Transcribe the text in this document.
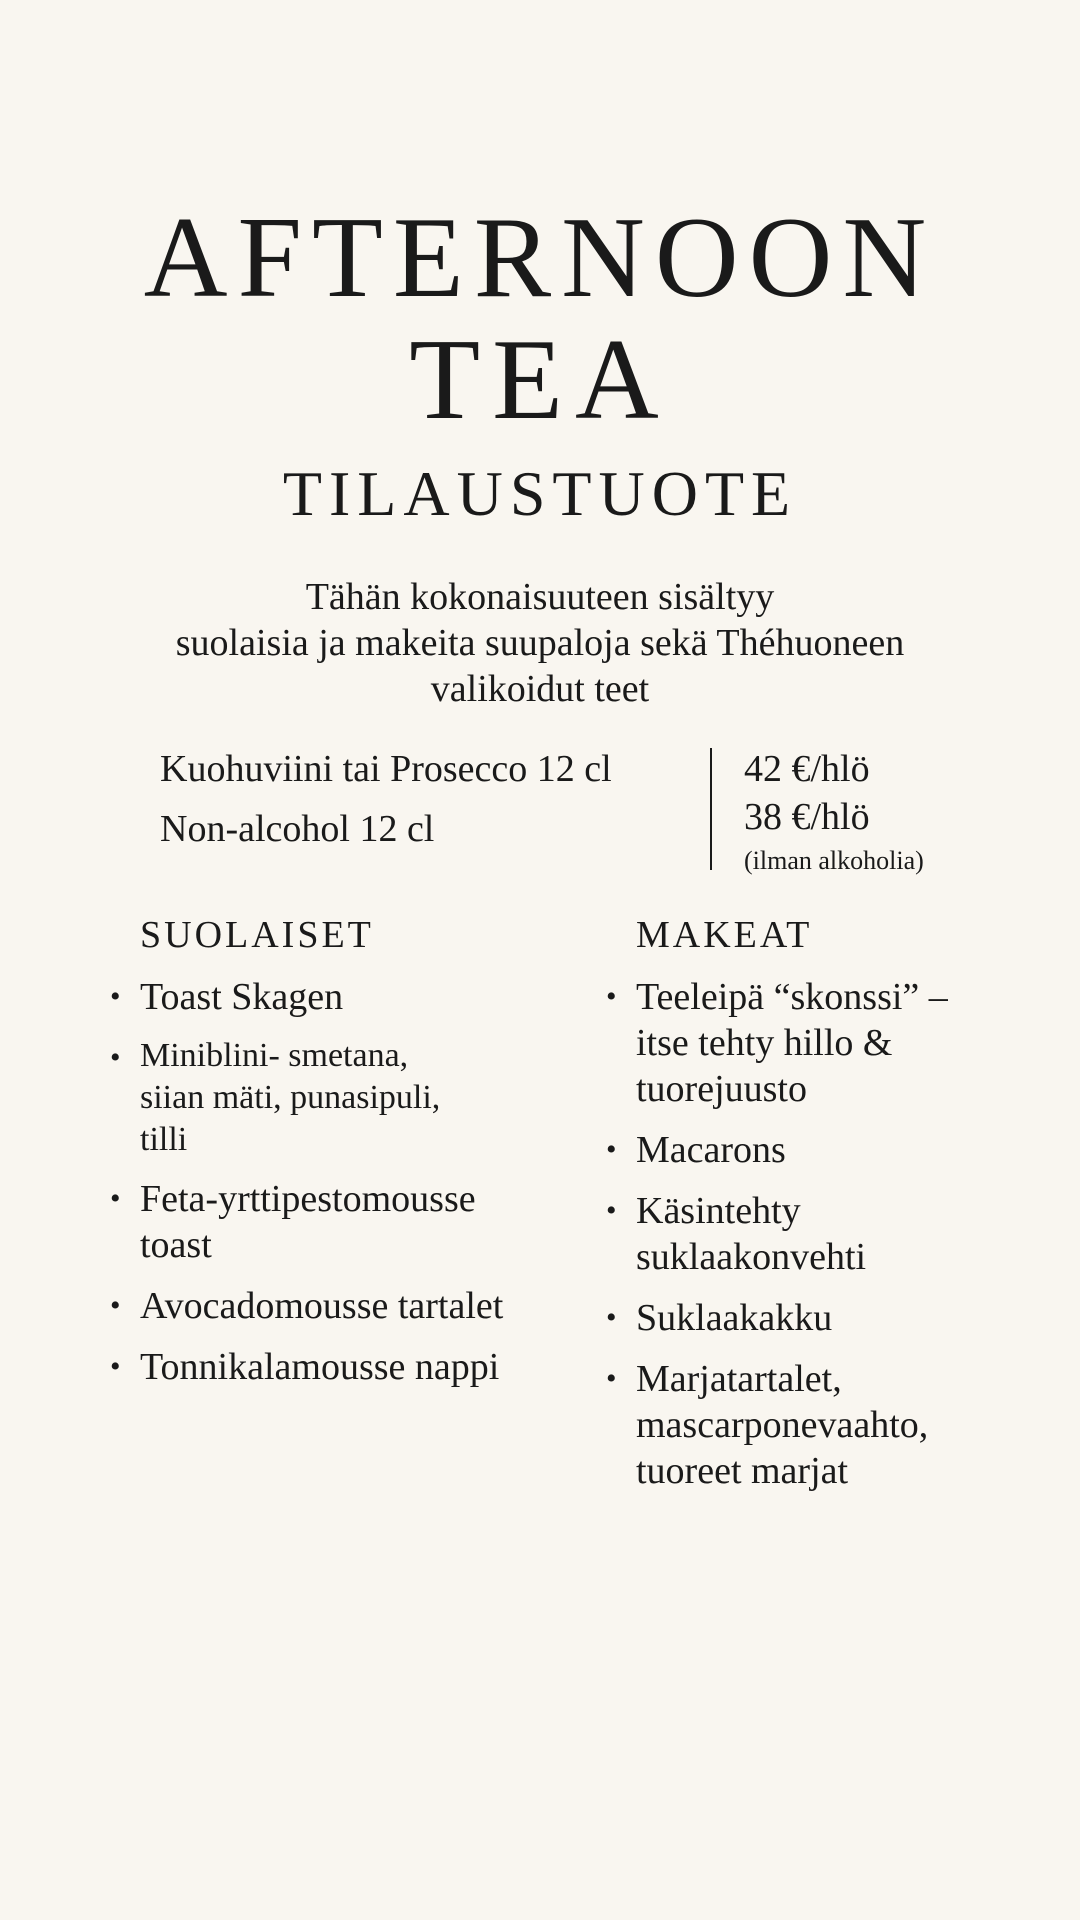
AFTERNOON
TEA
TILAUSTUOTE
Tähän kokonaisuuteen sisältyy
suolaisia ja makeita suupaloja sekä Théhuoneen
valikoidut teet
Kuohuviini tai Prosecco 12 cl
Non-alcohol 12 cl
42 €/hlö
38 €/hlö
(ilman alkoholia)
SUOLAISET
• Toast Skagen
• Miniblini- smetana,
siian mäti, punasipuli,
tilli
• Feta-yrttipestomousse
toast
• Avocadomousse tartalet
• Tonnikalamousse nappi
MAKEAT
• Teeleipä “skonssi” –
itse tehty hillo &
tuorejuusto
• Macarons
• Käsintehty
suklaakonvehti
• Suklaakakku
• Marjatartalet,
mascarponevaahto,
tuoreet marjat
